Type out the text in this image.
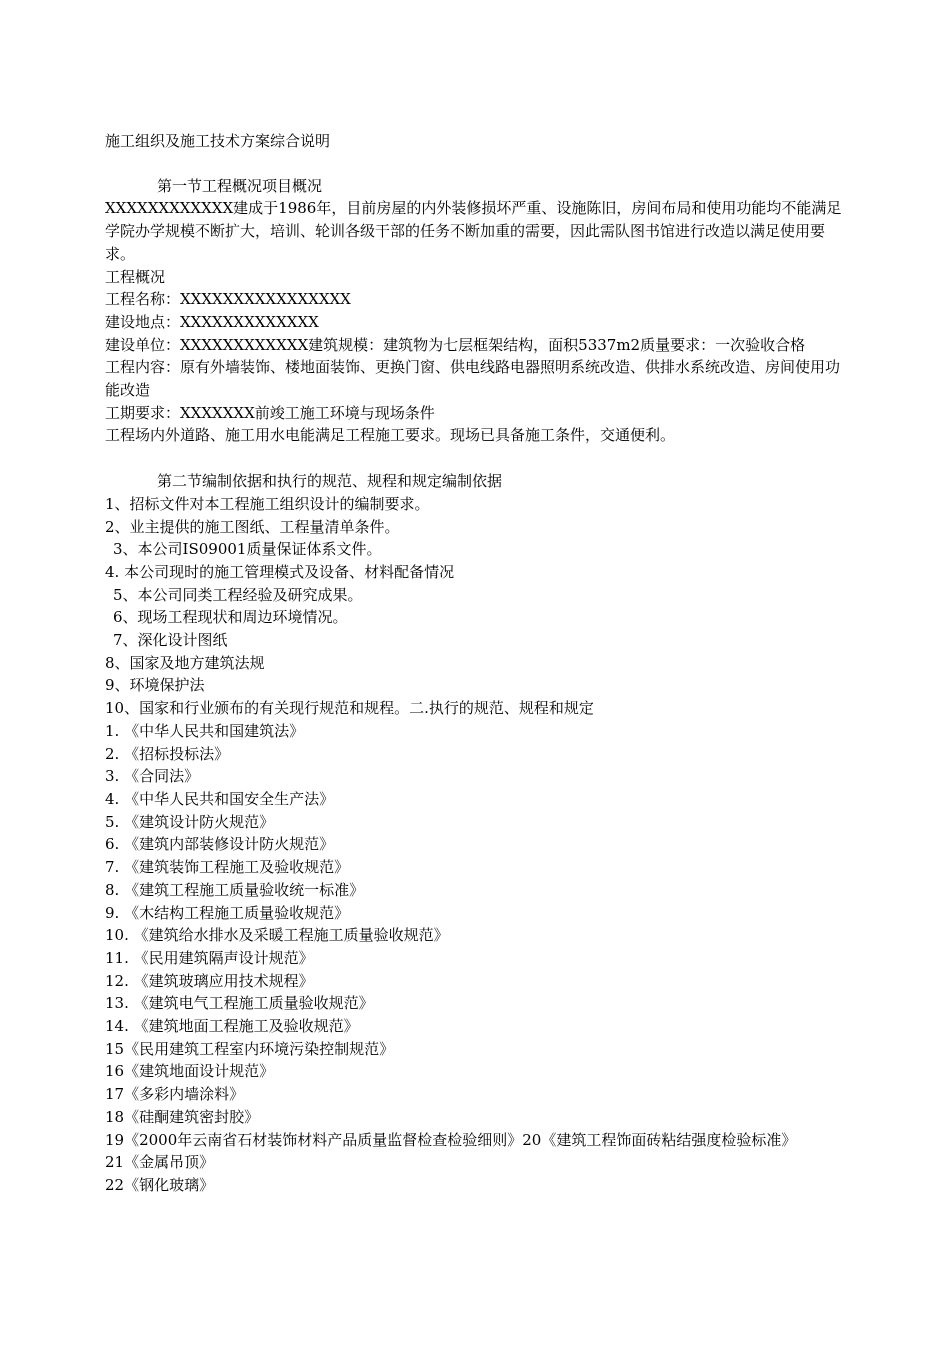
施工组织及施工技术方案综合说明
第一节工程概况项目概况
XXXXXXXXXXXX建成于1986年，目前房屋的内外装修损坏严重、设施陈旧，房间布局和使用功能均不能满足学院办学规模不断扩大，培训、轮训各级干部的任务不断加重的需要，因此需队图书馆进行改造以满足使用要求。
工程概况
工程名称：XXXXXXXXXXXXXXXX
建设地点：XXXXXXXXXXXXX
建设单位：XXXXXXXXXXXX建筑规模：建筑物为七层框架结构，面积5337m2质量要求：一次验收合格
工程内容：原有外墙装饰、楼地面装饰、更换门窗、供电线路电器照明系统改造、供排水系统改造、房间使用功能改造
工期要求：XXXXXXX前竣工施工环境与现场条件
工程场内外道路、施工用水电能满足工程施工要求。现场已具备施工条件，交通便利。
第二节编制依据和执行的规范、规程和规定编制依据
1、招标文件对本工程施工组织设计的编制要求。
2、业主提供的施工图纸、工程量清单条件。
3、本公司IS09001质量保证体系文件。
4. 本公司现时的施工管理模式及设备、材料配备情况
5、本公司同类工程经验及研究成果。
6、现场工程现状和周边环境情况。
7、深化设计图纸
8、国家及地方建筑法规
9、环境保护法
10、国家和行业颁布的有关现行规范和规程。二.执行的规范、规程和规定
1. 《中华人民共和国建筑法》
2. 《招标投标法》
3. 《合同法》
4. 《中华人民共和国安全生产法》
5. 《建筑设计防火规范》
6. 《建筑内部装修设计防火规范》
7. 《建筑装饰工程施工及验收规范》
8. 《建筑工程施工质量验收统一标准》
9. 《木结构工程施工质量验收规范》
10. 《建筑给水排水及采暖工程施工质量验收规范》
11. 《民用建筑隔声设计规范》
12. 《建筑玻璃应用技术规程》
13. 《建筑电气工程施工质量验收规范》
14. 《建筑地面工程施工及验收规范》
15《民用建筑工程室内环境污染控制规范》
16《建筑地面设计规范》
17《多彩内墙涂料》
18《硅酮建筑密封胶》
19《2000年云南省石材装饰材料产品质量监督检查检验细则》20《建筑工程饰面砖粘结强度检验标准》
21《金属吊顶》
22《钢化玻璃》
